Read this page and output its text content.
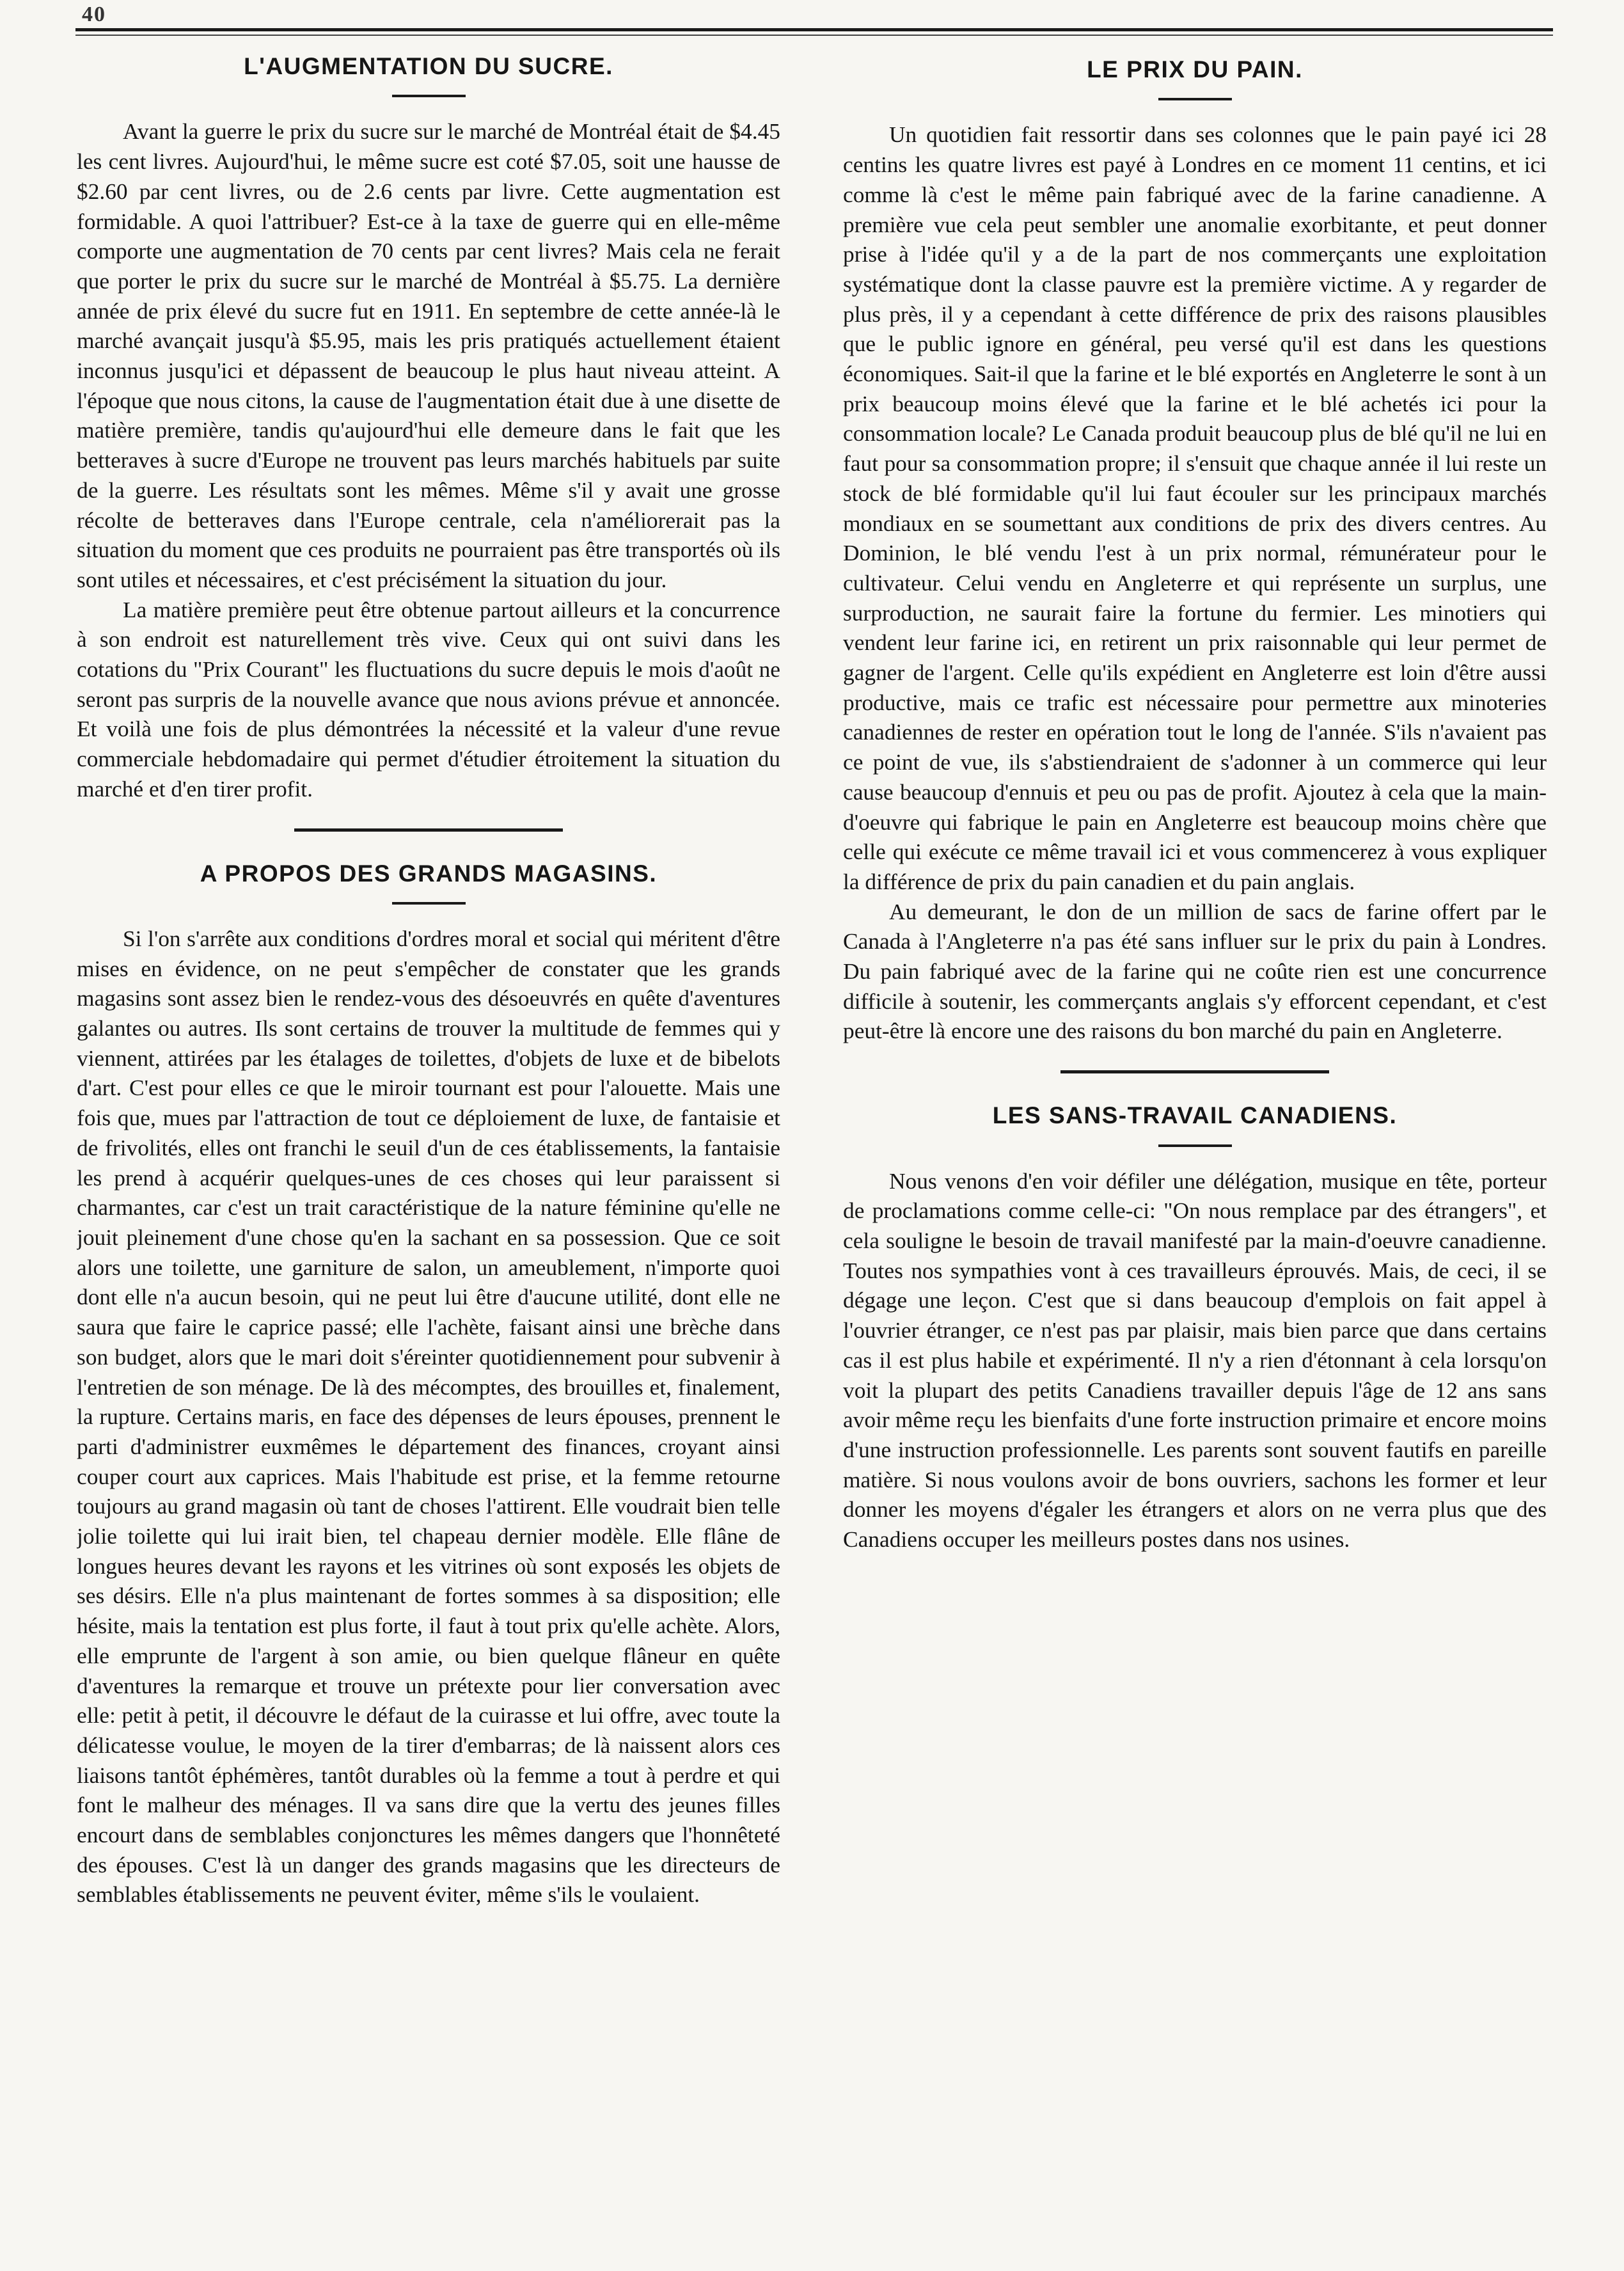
40
L'AUGMENTATION DU SUCRE.

Avant la guerre le prix du sucre sur le marché de Montréal était de $4.45 les cent livres. Aujourd'hui, le même sucre est coté $7.05, soit une hausse de $2.60 par cent livres, ou de 2.6 cents par livre. Cette augmentation est formidable. A quoi l'attribuer? Est-ce à la taxe de guerre qui en elle-même comporte une augmentation de 70 cents par cent livres? Mais cela ne ferait que porter le prix du sucre sur le marché de Montréal à $5.75. La dernière année de prix élevé du sucre fut en 1911. En septembre de cette année-là le marché avançait jusqu'à $5.95, mais les pris pratiqués actuellement étaient inconnus jusqu'ici et dépassent de beaucoup le plus haut niveau atteint. A l'époque que nous citons, la cause de l'augmentation était due à une disette de matière première, tandis qu'aujourd'hui elle demeure dans le fait que les betteraves à sucre d'Europe ne trouvent pas leurs marchés habituels par suite de la guerre. Les résultats sont les mêmes. Même s'il y avait une grosse récolte de betteraves dans l'Europe centrale, cela n'améliorerait pas la situation du moment que ces produits ne pourraient pas être transportés où ils sont utiles et nécessaires, et c'est précisément la situation du jour.

La matière première peut être obtenue partout ailleurs et la concurrence à son endroit est naturellement très vive. Ceux qui ont suivi dans les cotations du "Prix Courant" les fluctuations du sucre depuis le mois d'août ne seront pas surpris de la nouvelle avance que nous avions prévue et annoncée. Et voilà une fois de plus démontrées la nécessité et la valeur d'une revue commerciale hebdomadaire qui permet d'étudier étroitement la situation du marché et d'en tirer profit.

A PROPOS DES GRANDS MAGASINS.

Si l'on s'arrête aux conditions d'ordres moral et social qui méritent d'être mises en évidence, on ne peut s'empêcher de constater que les grands magasins sont assez bien le rendez-vous des désoeuvrés en quête d'aventures galantes ou autres. Ils sont certains de trouver la multitude de femmes qui y viennent, attirées par les étalages de toilettes, d'objets de luxe et de bibelots d'art. C'est pour elles ce que le miroir tournant est pour l'alouette. Mais une fois que, mues par l'attraction de tout ce déploiement de luxe, de fantaisie et de frivolités, elles ont franchi le seuil d'un de ces établissements, la fantaisie les prend à acquérir quelques-unes de ces choses qui leur paraissent si charmantes, car c'est un trait caractéristique de la nature féminine qu'elle ne jouit pleinement d'une chose qu'en la sachant en sa possession. Que ce soit alors une toilette, une garniture de salon, un ameublement, n'importe quoi dont elle n'a aucun besoin, qui ne peut lui être d'aucune utilité, dont elle ne saura que faire le caprice passé; elle l'achète, faisant ainsi une brèche dans son budget, alors que le mari doit s'éreinter quotidiennement pour subvenir à l'entretien de son ménage. De là des mécomptes, des brouilles et, finalement, la rupture. Certains maris, en face des dépenses de leurs épouses, prennent le parti d'administrer euxmêmes le département des finances, croyant ainsi couper court aux caprices. Mais l'habitude est prise, et la femme retourne toujours au grand magasin où tant de choses l'attirent. Elle voudrait bien telle jolie toilette qui lui irait bien, tel chapeau dernier modèle. Elle flâne de longues heures devant les rayons et les vitrines où sont exposés les objets de ses désirs. Elle n'a plus maintenant de fortes sommes à sa disposition; elle hésite, mais la tentation est plus forte, il faut à tout prix qu'elle achète. Alors, elle emprunte de l'argent à son amie, ou bien quelque flâneur en quête d'aventures la remarque et trouve un prétexte pour lier conversation avec elle: petit à petit, il découvre le défaut de la cuirasse et lui offre, avec toute la délicatesse voulue, le moyen de la tirer d'embarras; de là naissent alors ces liaisons tantôt éphémères, tantôt durables où la femme a tout à perdre et qui font le malheur des ménages. Il va sans dire que la vertu des jeunes filles encourt dans de semblables conjonctures les mêmes dangers que l'honnêteté des épouses. C'est là un danger des grands magasins que les directeurs de semblables établissements ne peuvent éviter, même s'ils le voulaient.

LE PRIX DU PAIN.

Un quotidien fait ressortir dans ses colonnes que le pain payé ici 28 centins les quatre livres est payé à Londres en ce moment 11 centins, et ici comme là c'est le même pain fabriqué avec de la farine canadienne. A première vue cela peut sembler une anomalie exorbitante, et peut donner prise à l'idée qu'il y a de la part de nos commerçants une exploitation systématique dont la classe pauvre est la première victime. A y regarder de plus près, il y a cependant à cette différence de prix des raisons plausibles que le public ignore en général, peu versé qu'il est dans les questions économiques. Sait-il que la farine et le blé exportés en Angleterre le sont à un prix beaucoup moins élevé que la farine et le blé achetés ici pour la consommation locale? Le Canada produit beaucoup plus de blé qu'il ne lui en faut pour sa consommation propre; il s'ensuit que chaque année il lui reste un stock de blé formidable qu'il lui faut écouler sur les principaux marchés mondiaux en se soumettant aux conditions de prix des divers centres. Au Dominion, le blé vendu l'est à un prix normal, rémunérateur pour le cultivateur. Celui vendu en Angleterre et qui représente un surplus, une surproduction, ne saurait faire la fortune du fermier. Les minotiers qui vendent leur farine ici, en retirent un prix raisonnable qui leur permet de gagner de l'argent. Celle qu'ils expédient en Angleterre est loin d'être aussi productive, mais ce trafic est nécessaire pour permettre aux minoteries canadiennes de rester en opération tout le long de l'année. S'ils n'avaient pas ce point de vue, ils s'abstiendraient de s'adonner à un commerce qui leur cause beaucoup d'ennuis et peu ou pas de profit. Ajoutez à cela que la main-d'oeuvre qui fabrique le pain en Angleterre est beaucoup moins chère que celle qui exécute ce même travail ici et vous commencerez à vous expliquer la différence de prix du pain canadien et du pain anglais.

Au demeurant, le don de un million de sacs de farine offert par le Canada à l'Angleterre n'a pas été sans influer sur le prix du pain à Londres. Du pain fabriqué avec de la farine qui ne coûte rien est une concurrence difficile à soutenir, les commerçants anglais s'y efforcent cependant, et c'est peut-être là encore une des raisons du bon marché du pain en Angleterre.

LES SANS-TRAVAIL CANADIENS.

Nous venons d'en voir défiler une délégation, musique en tête, porteur de proclamations comme celle-ci: "On nous remplace par des étrangers", et cela souligne le besoin de travail manifesté par la main-d'oeuvre canadienne. Toutes nos sympathies vont à ces travailleurs éprouvés. Mais, de ceci, il se dégage une leçon. C'est que si dans beaucoup d'emplois on fait appel à l'ouvrier étranger, ce n'est pas par plaisir, mais bien parce que dans certains cas il est plus habile et expérimenté. Il n'y a rien d'étonnant à cela lorsqu'on voit la plupart des petits Canadiens travailler depuis l'âge de 12 ans sans avoir même reçu les bienfaits d'une forte instruction primaire et encore moins d'une instruction professionnelle. Les parents sont souvent fautifs en pareille matière. Si nous voulons avoir de bons ouvriers, sachons les former et leur donner les moyens d'égaler les étrangers et alors on ne verra plus que des Canadiens occuper les meilleurs postes dans nos usines.
